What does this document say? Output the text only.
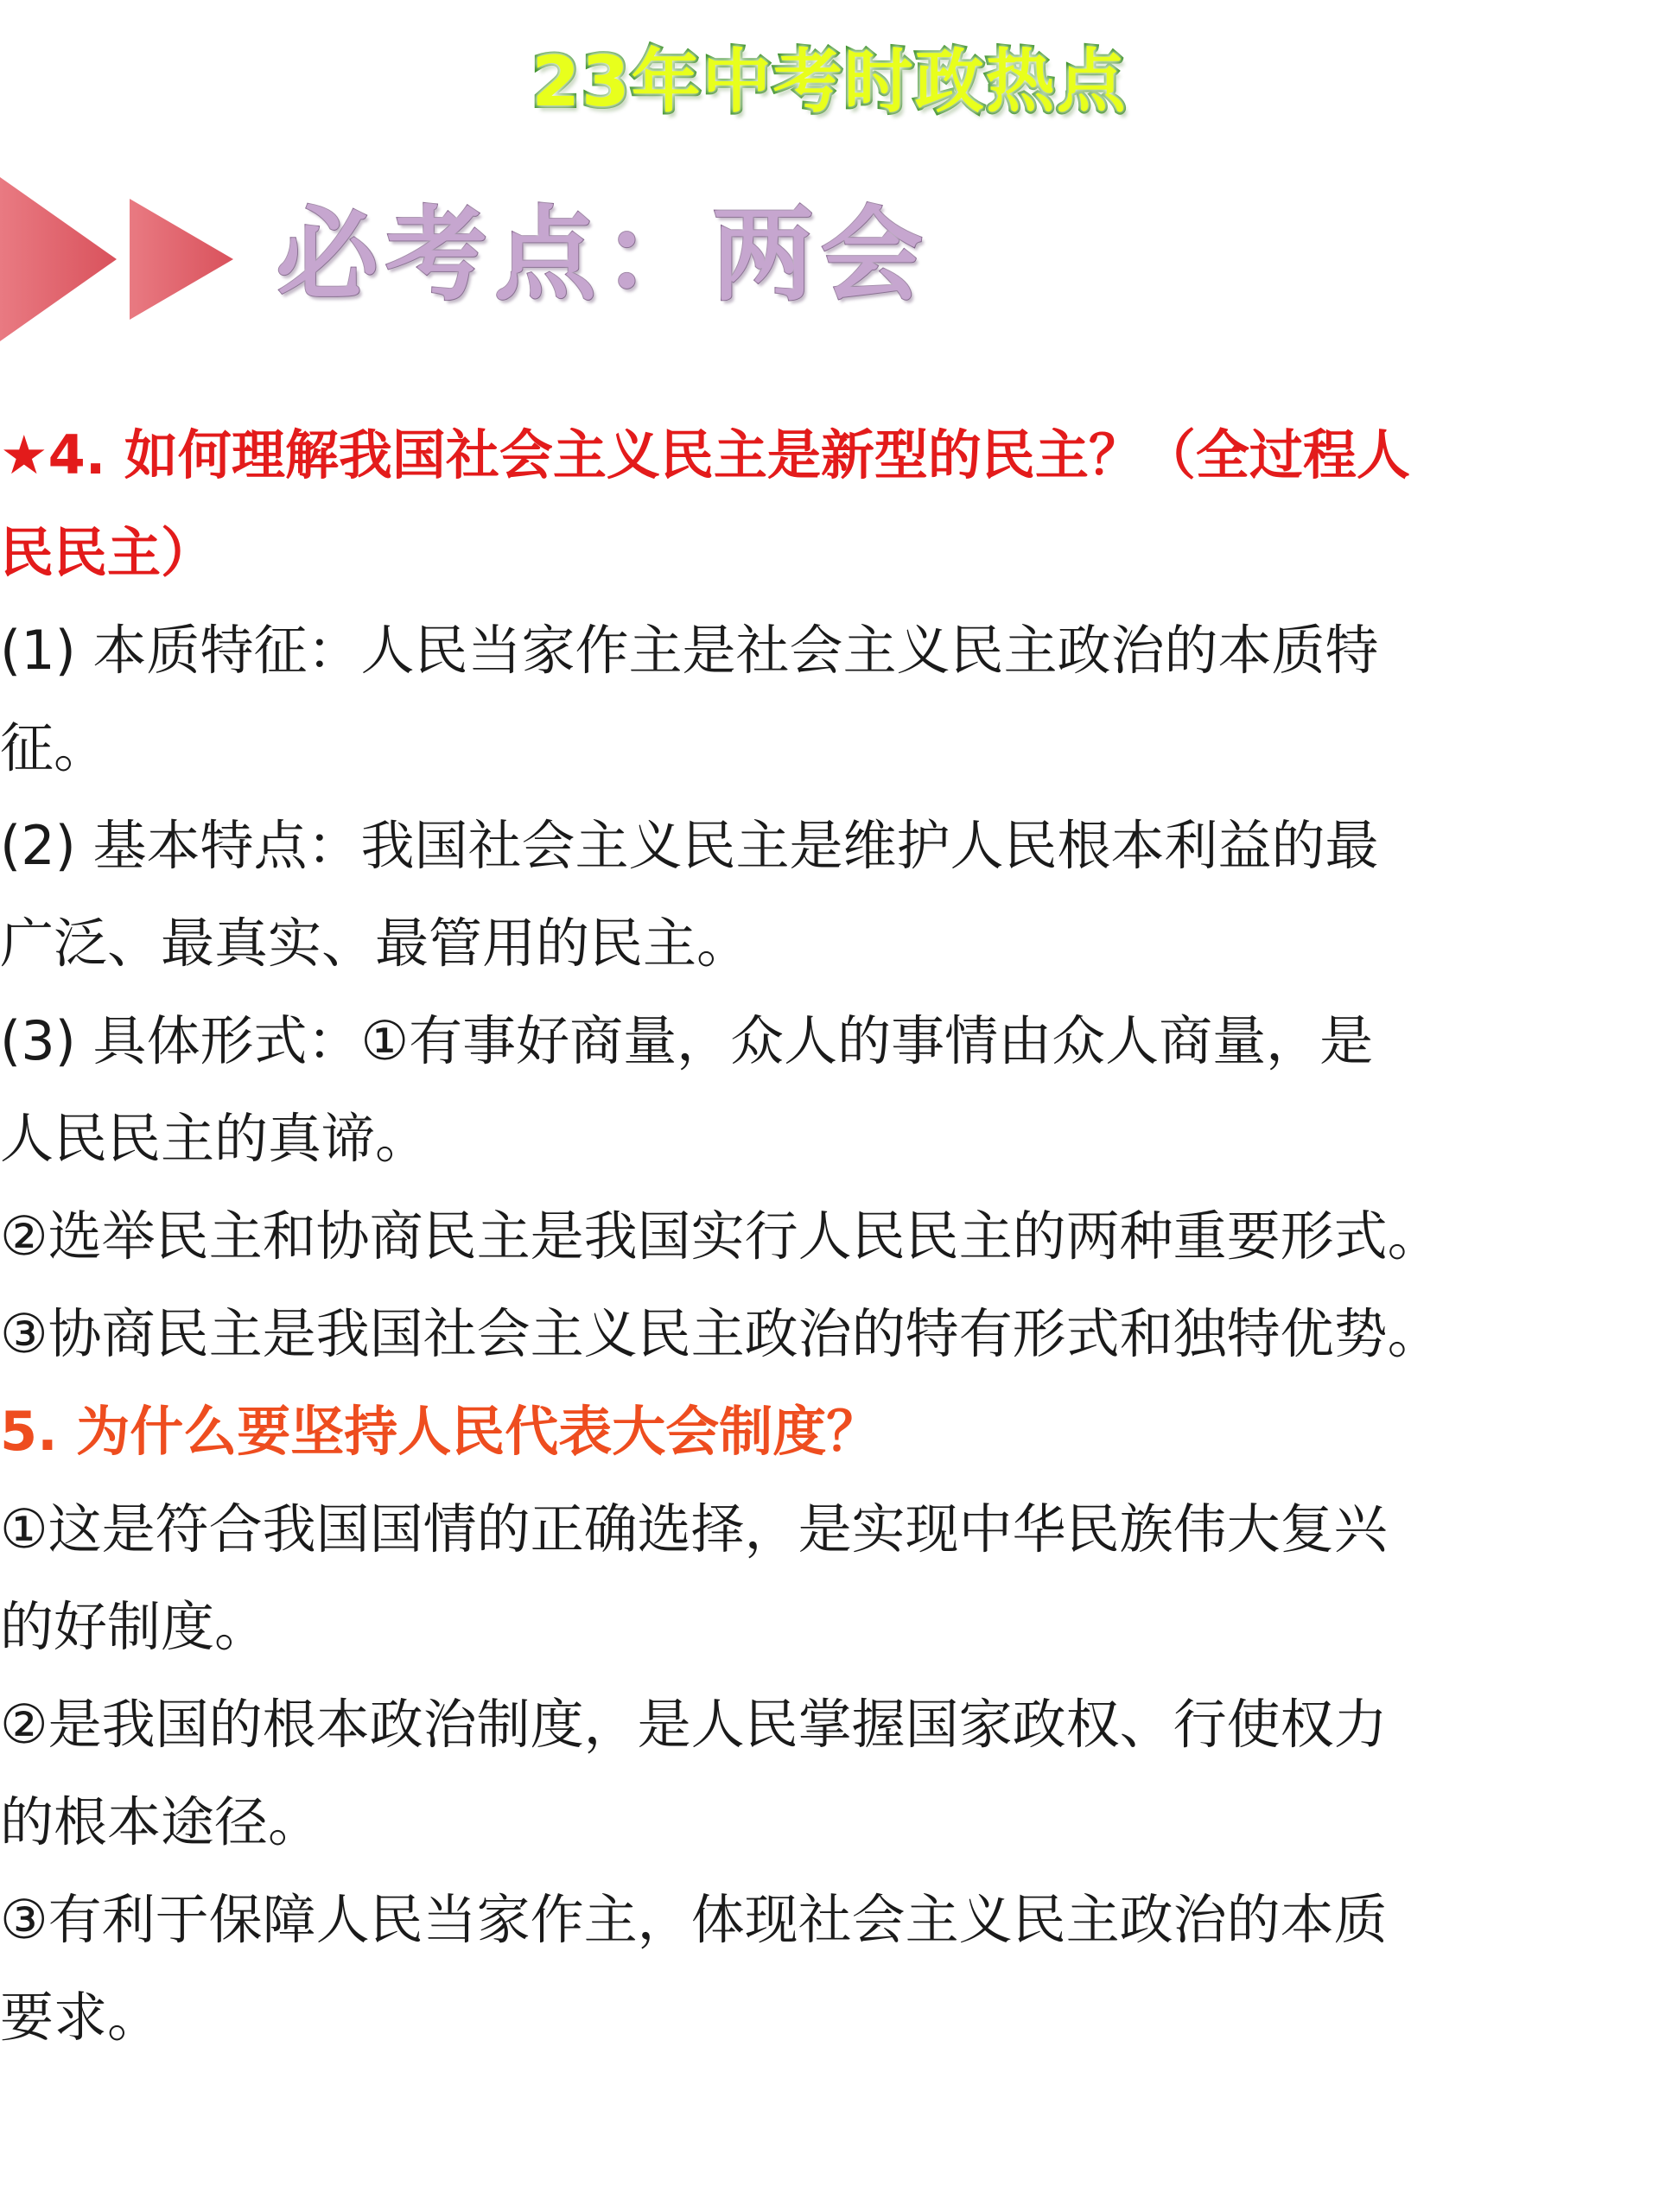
23年中考时政热点
必考点：两会
★4. 如何理解我国社会主义民主是新型的民主？（全过程人
民民主）
(1) 本质特征：人民当家作主是社会主义民主政治的本质特
征。
(2) 基本特点：我国社会主义民主是维护人民根本利益的最
广泛、最真实、最管用的民主。
(3) 具体形式：①有事好商量，众人的事情由众人商量，是
人民民主的真谛。
②选举民主和协商民主是我国实行人民民主的两种重要形式。
③协商民主是我国社会主义民主政治的特有形式和独特优势。
5. 为什么要坚持人民代表大会制度？
①这是符合我国国情的正确选择，是实现中华民族伟大复兴
的好制度。
②是我国的根本政治制度，是人民掌握国家政权、行使权力
的根本途径。
③有利于保障人民当家作主，体现社会主义民主政治的本质
要求。
